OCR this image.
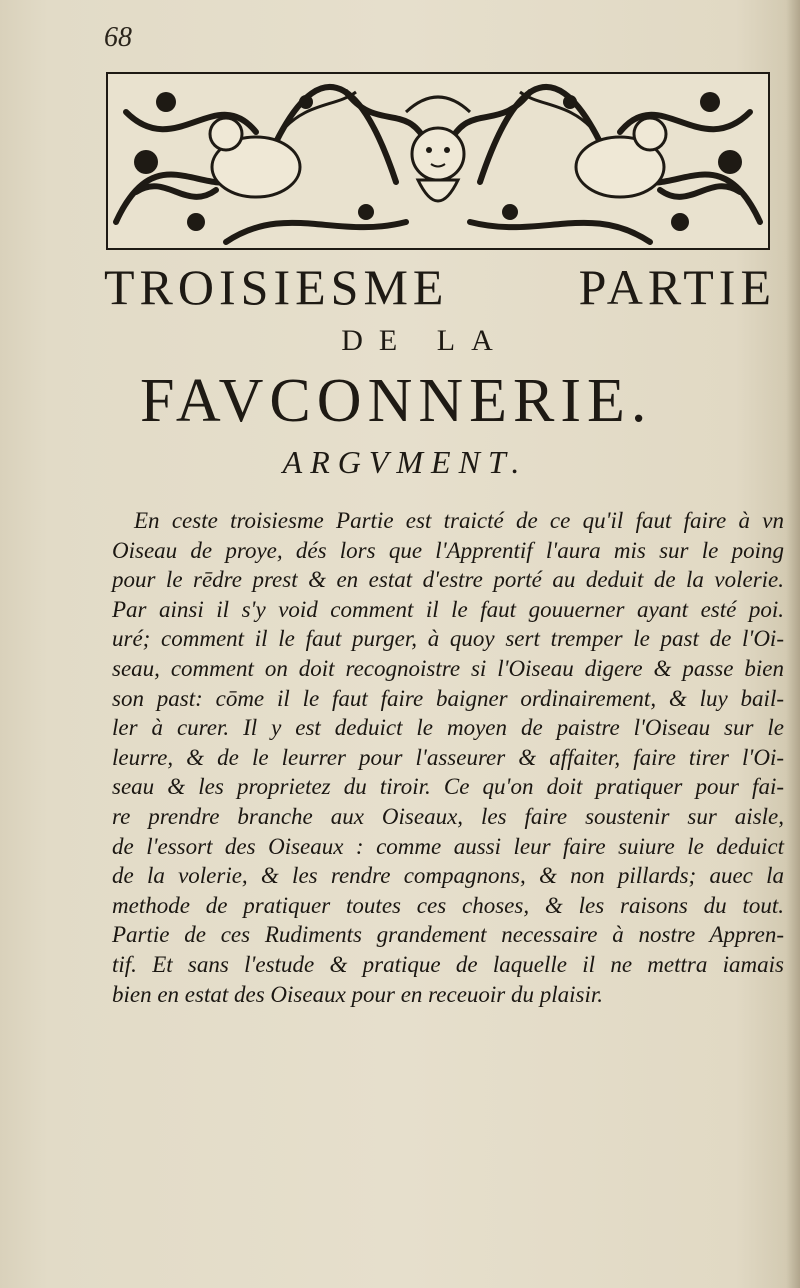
68
TROISIESME PARTIE
DE LA
FAVCONNERIE.
ARGVMENT.
En ceste troisiesme Partie est traicté de ce qu'il faut faire à vn
Oiseau de proye, dés lors que l'Apprentif l'aura mis sur le poing
pour le rēdre prest & en estat d'estre porté au deduit de la volerie.
Par ainsi il s'y void comment il le faut gouuerner ayant esté poi.
uré; comment il le faut purger, à quoy sert tremper le past de l'Oi-
seau, comment on doit recognoistre si l'Oiseau digere & passe bien
son past: cōme il le faut faire baigner ordinairement, & luy bail-
ler à curer. Il y est deduict le moyen de paistre l'Oiseau sur le
leurre, & de le leurrer pour l'asseurer & affaiter, faire tirer l'Oi-
seau & les proprietez du tiroir. Ce qu'on doit pratiquer pour fai-
re prendre branche aux Oiseaux, les faire soustenir sur aisle,
de l'essort des Oiseaux : comme aussi leur faire suiure le deduict
de la volerie, & les rendre compagnons, & non pillards; auec la
methode de pratiquer toutes ces choses, & les raisons du tout.
Partie de ces Rudiments grandement necessaire à nostre Appren-
tif. Et sans l'estude & pratique de laquelle il ne mettra iamais
bien en estat des Oiseaux pour en receuoir du plaisir.
